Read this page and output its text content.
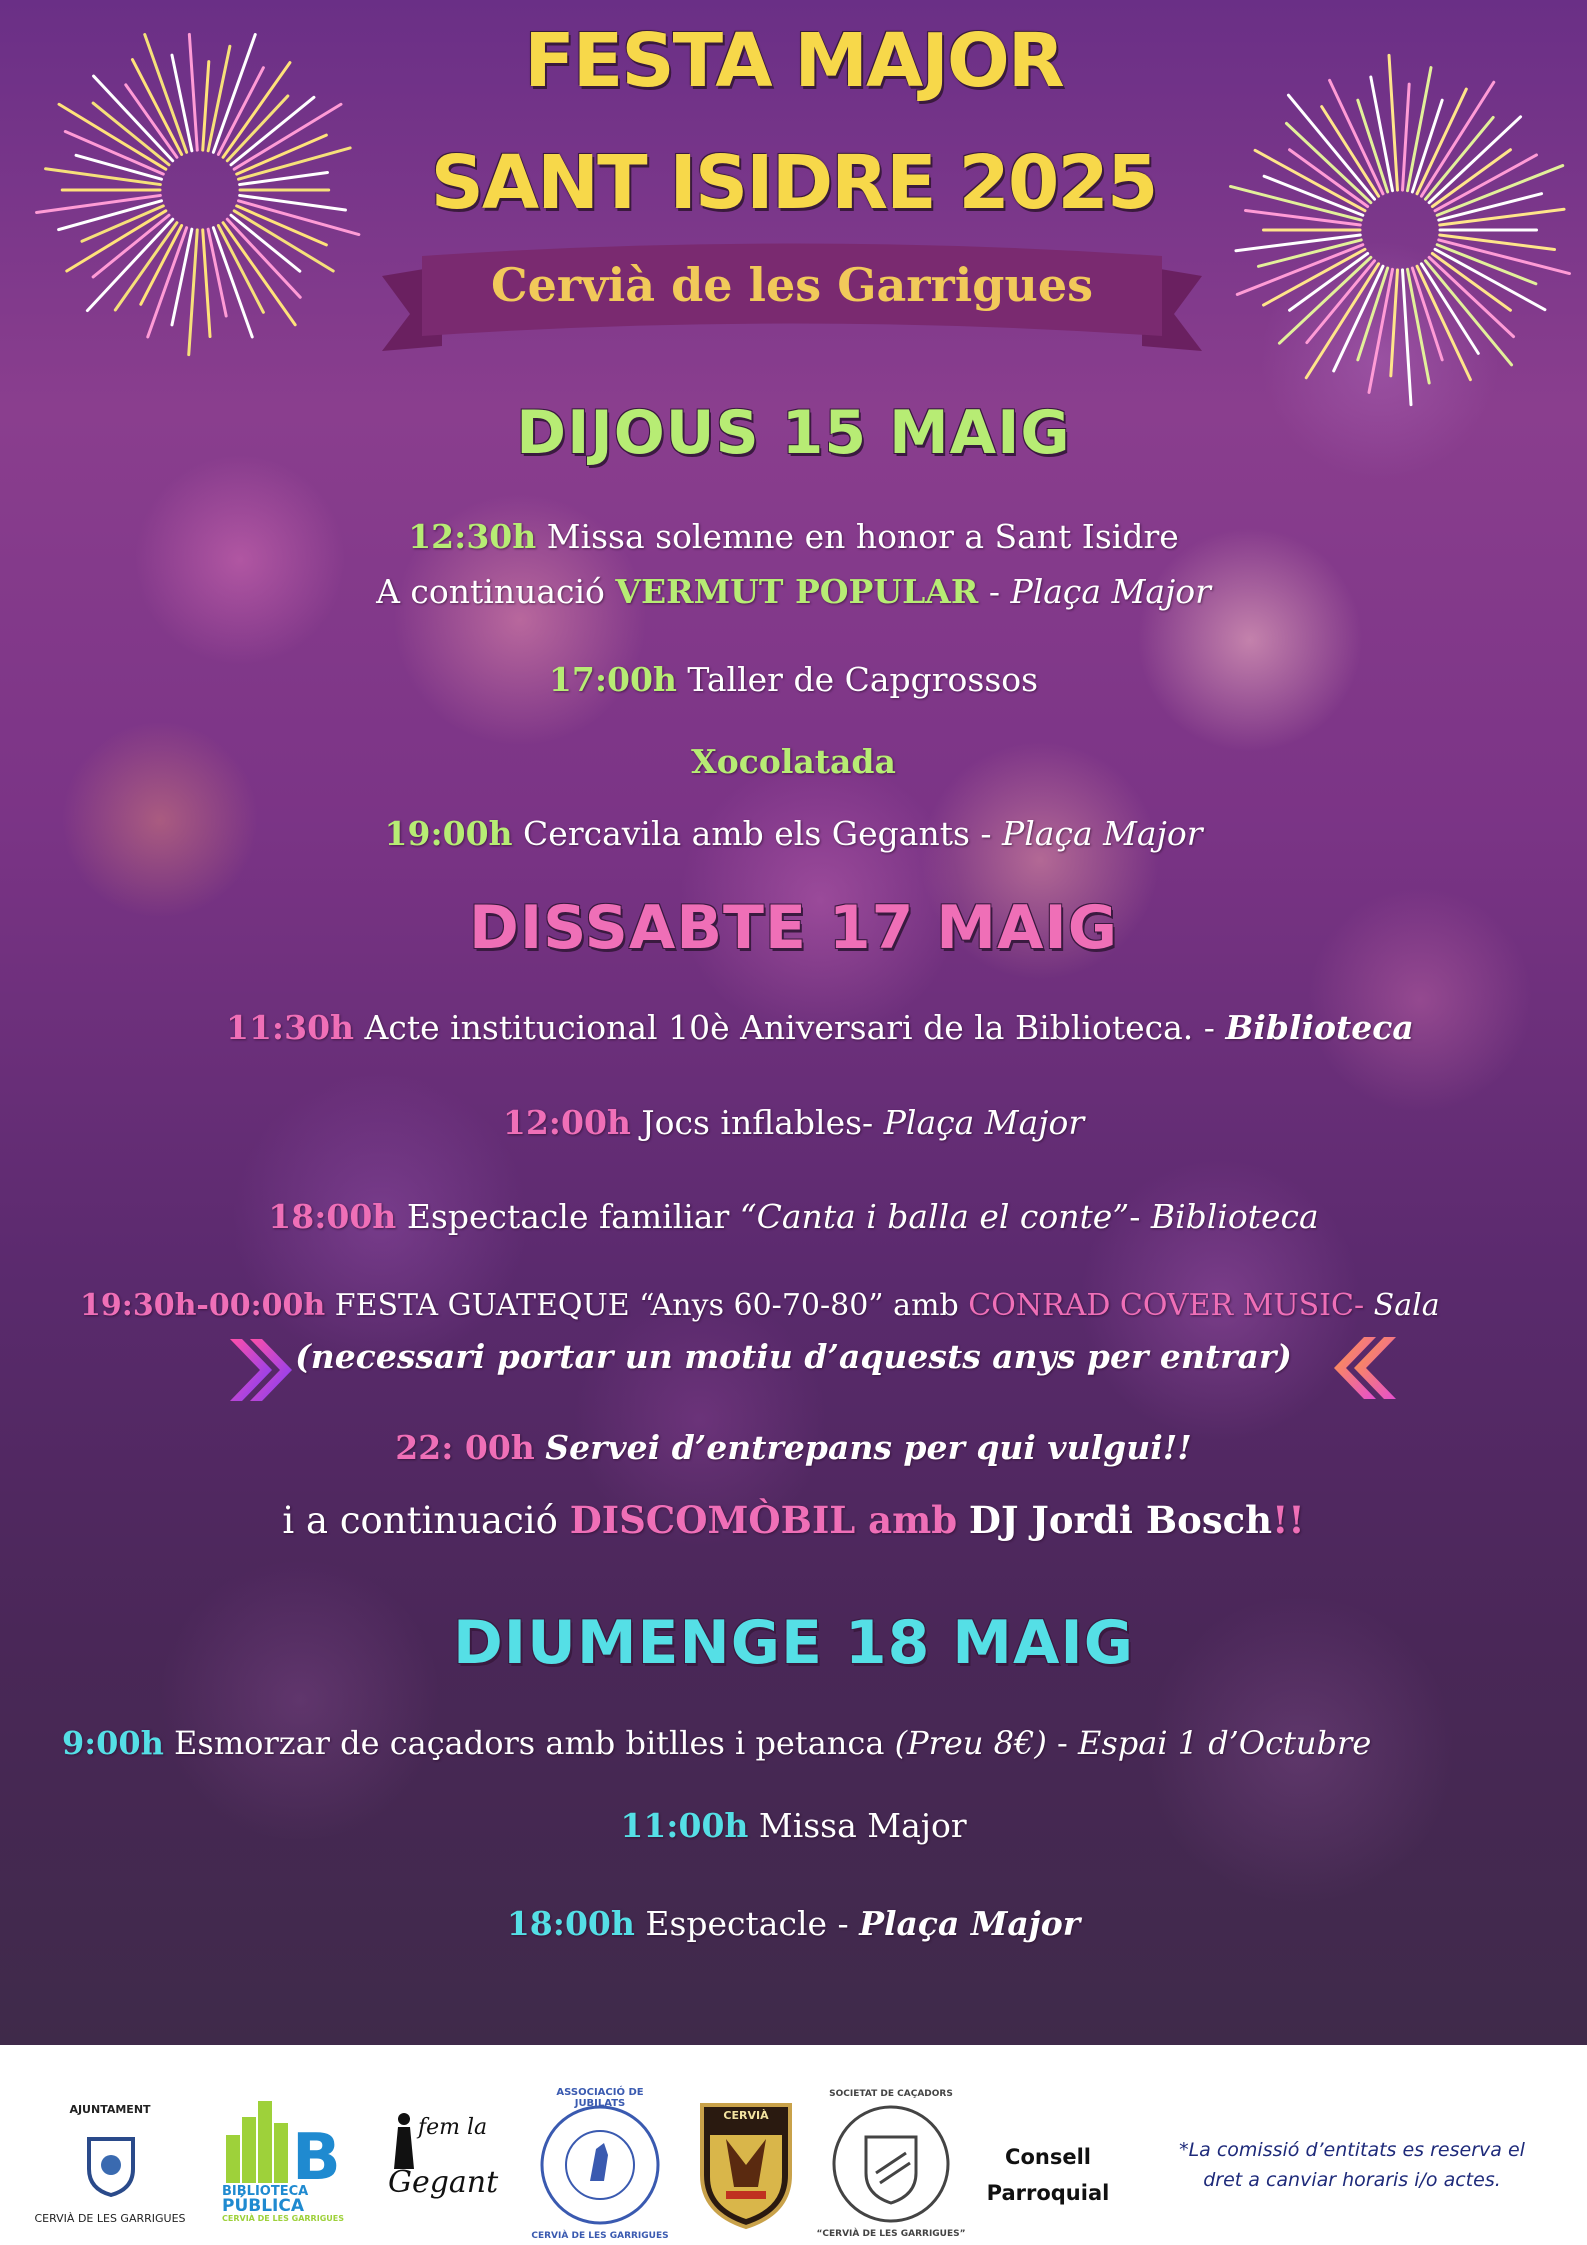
FESTA MAJOR
SANT ISIDRE 2025
Cervià de les Garrigues
DIJOUS 15 MAIG
12:30h Missa solemne en honor a Sant Isidre
A continuació VERMUT POPULAR - Plaça Major
17:00h Taller de Capgrossos
Xocolatada
19:00h Cercavila amb els Gegants - Plaça Major
DISSABTE 17 MAIG
11:30h Acte institucional 10è Aniversari de la Biblioteca. - Biblioteca
12:00h Jocs inflables- Plaça Major
18:00h Espectacle familiar “Canta i balla el conte”- Biblioteca
19:30h-00:00h FESTA GUATEQUE “Anys 60-70-80” amb CONRAD COVER MUSIC- Sala
(necessari portar un motiu d’aquests anys per entrar)
22: 00h Servei d’entrepans per qui vulgui!!
i a continuació DISCOMÒBIL amb DJ Jordi Bosch!!
DIUMENGE 18 MAIG
9:00h Esmorzar de caçadors amb bitlles i petanca (Preu 8€) - Espai 1 d’Octubre
11:00h Missa Major
18:00h Espectacle - Plaça Major
AJUNTAMENT
CERVIÀ DE LES GARRIGUES
B
BIBLIOTECA
PÚBLICA
CERVIÀ DE LES GARRIGUES
fem la
Gegant
ASSOCIACIÓ DE JUBILATS
CERVIÀ DE LES GARRIGUES
CERVIÀ
SOCIETAT DE CAÇADORS
“CERVIÀ DE LES GARRIGUES”
Consell
Parroquial
*La comissió d’entitats es reserva el
dret a canviar horaris i/o actes.
